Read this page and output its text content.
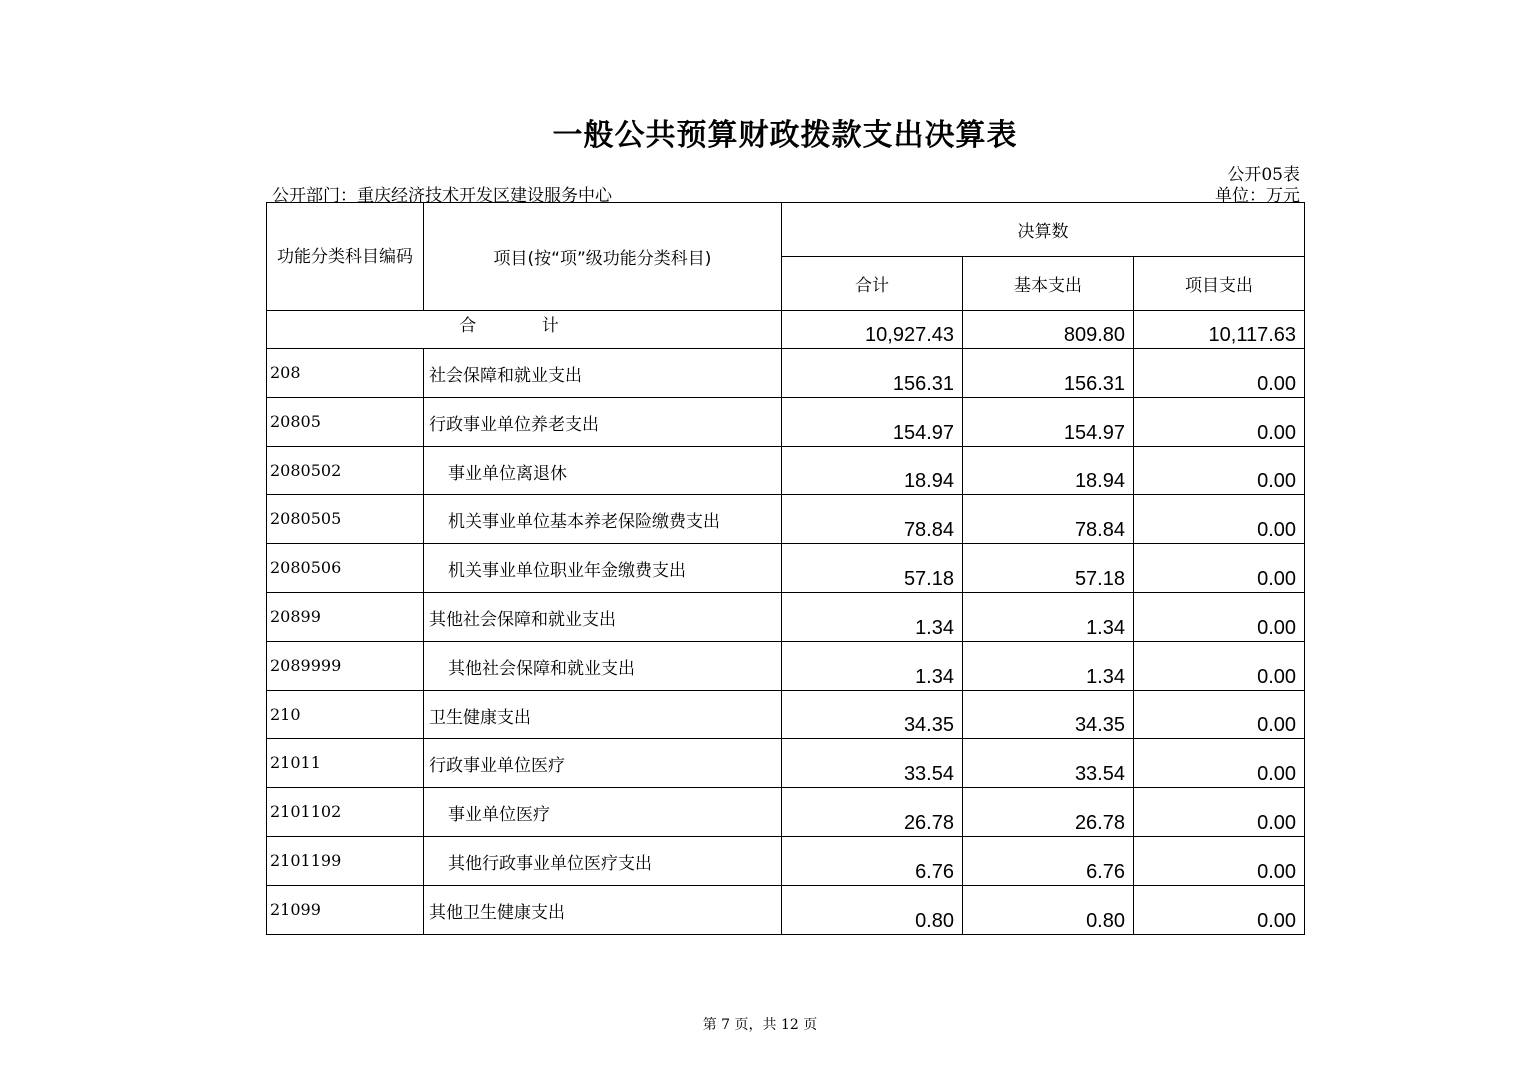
一般公共预算财政拨款支出决算表
公开05表
公开部门：重庆经济技术开发区建设服务中心	单位：万元
功能分类科目编码	项目(按“项”级功能分类科目)	决算数		
		合计	基本支出	项目支出
合 计		10,927.43	809.80	10,117.63
208	社会保障和就业支出	156.31	156.31	0.00
20805	行政事业单位养老支出	154.97	154.97	0.00
2080502	事业单位离退休	18.94	18.94	0.00
2080505	机关事业单位基本养老保险缴费支出	78.84	78.84	0.00
2080506	机关事业单位职业年金缴费支出	57.18	57.18	0.00
20899	其他社会保障和就业支出	1.34	1.34	0.00
2089999	其他社会保障和就业支出	1.34	1.34	0.00
210	卫生健康支出	34.35	34.35	0.00
21011	行政事业单位医疗	33.54	33.54	0.00
2101102	事业单位医疗	26.78	26.78	0.00
2101199	其他行政事业单位医疗支出	6.76	6.76	0.00
21099	其他卫生健康支出	0.80	0.80	0.00
第 7 页，共 12 页
